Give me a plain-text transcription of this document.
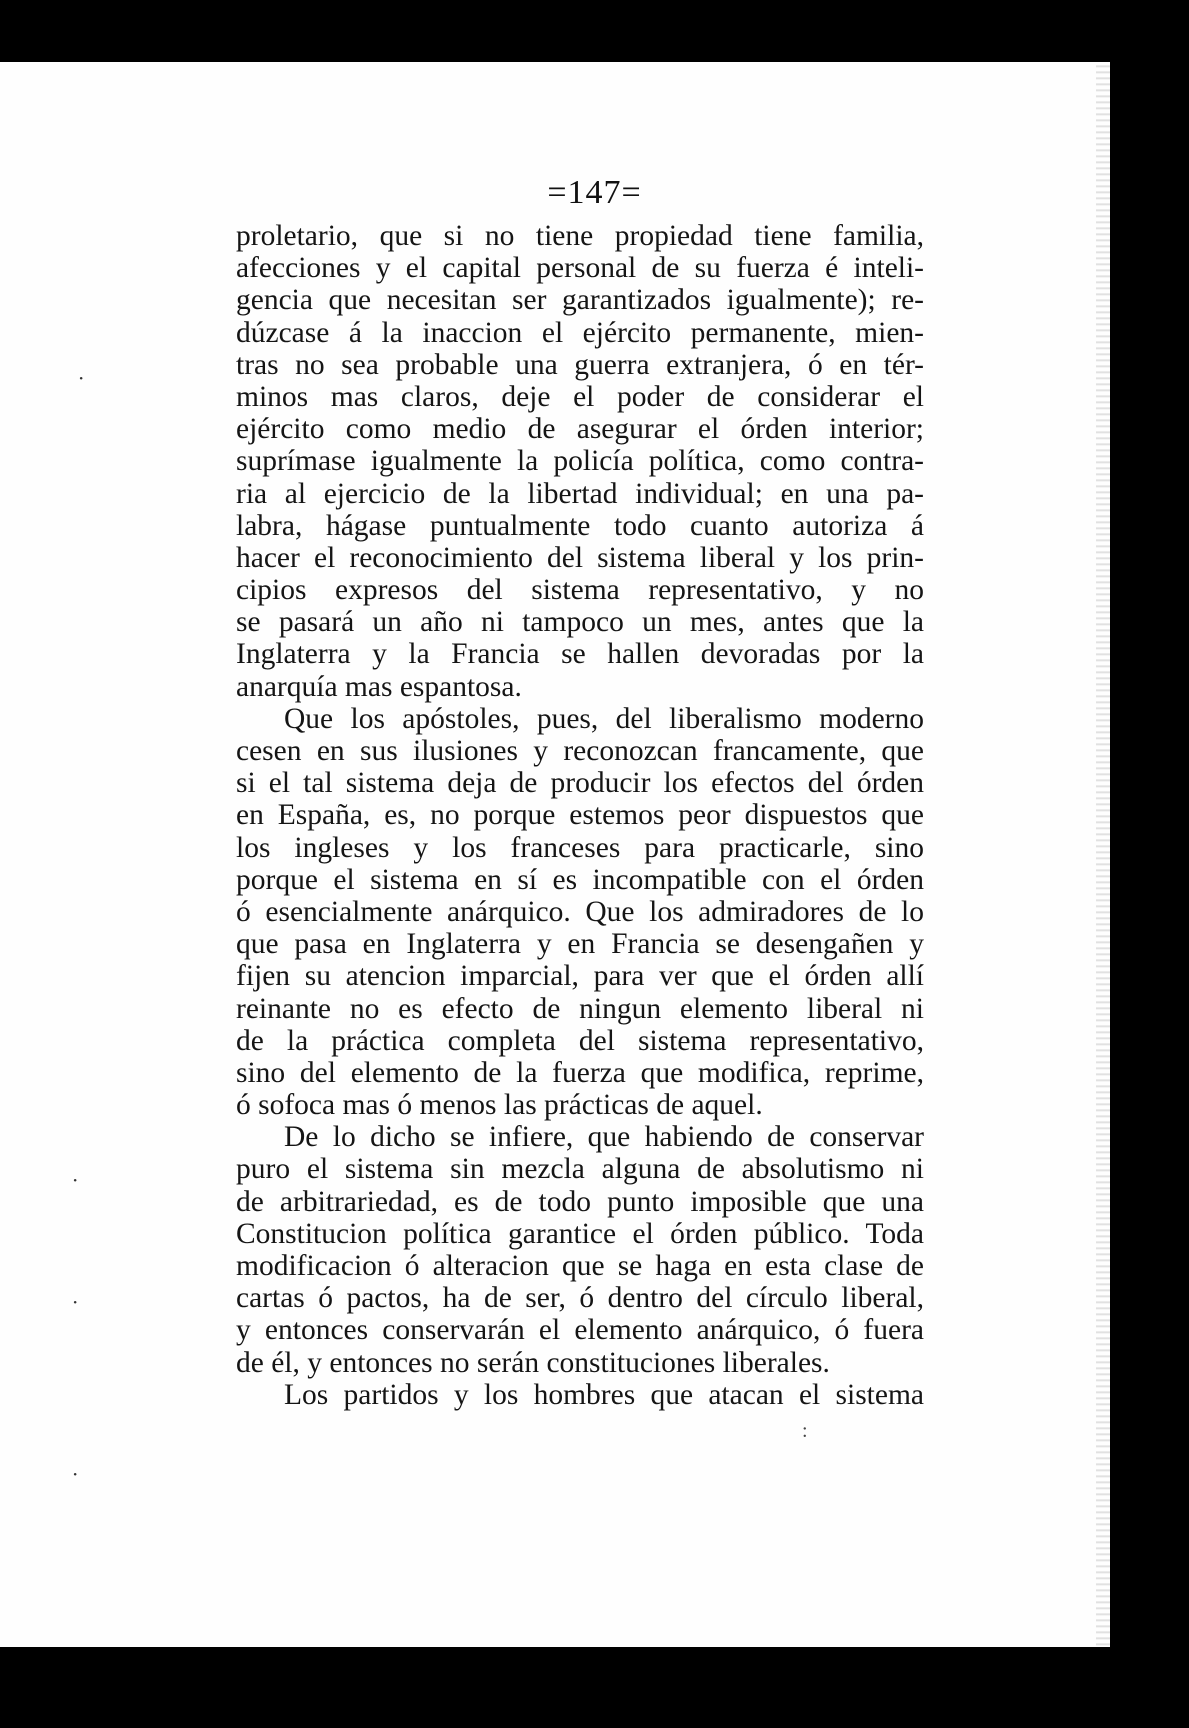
=147=
proletario, que si no tiene propiedad tiene familia,
afecciones y el capital personal de su fuerza é inteli-
gencia que necesitan ser garantizados igualmente); re-
dúzcase á la inaccion el ejército permanente, mien-
tras no sea probable una guerra extranjera, ó en tér-
minos mas claros, deje el poder de considerar el
ejército como medio de asegurar el órden interior;
suprímase igualmente la policía política, como contra-
ria al ejercicio de la libertad individual; en una pa-
labra, hágase puntualmente todo cuanto autoriza á
hacer el reconocimiento del sistema liberal y los prin-
cipios expresos del sistema representativo, y no
se pasará un año ni tampoco un mes, antes que la
Inglaterra y la Francia se hallen devoradas por la
anarquía mas espantosa.
Que los apóstoles, pues, del liberalismo moderno
cesen en sus ilusiones y reconozcan francamente, que
si el tal sistema deja de producir los efectos del órden
en España, es, no porque estemos peor dispuestos que
los ingleses y los franceses para practicarle, sino
porque el sistema en sí es incompatible con el órden
ó esencialmente anárquico. Que los admiradores de lo
que pasa en Inglaterra y en Francia se desengañen y
fijen su atencion imparcial, para ver que el órden allí
reinante no es efecto de ningun elemento liberal ni
de la práctica completa del sistema representativo,
sino del elemento de la fuerza que modifica, reprime,
ó sofoca mas ó menos las prácticas de aquel.
De lo dicho se infiere, que habiendo de conservar
puro el sistema sin mezcla alguna de absolutismo ni
de arbitrariedad, es de todo punto imposible que una
Constitucion política garantice el órden público. Toda
modificacion ó alteracion que se haga en esta clase de
cartas ó pactos, ha de ser, ó dentro del círculo liberal,
y entonces conservarán el elemento anárquico, ó fuera
de él, y entonces no serán constituciones liberales.
Los partidos y los hombres que atacan el sistema
·
·
·
·
:
